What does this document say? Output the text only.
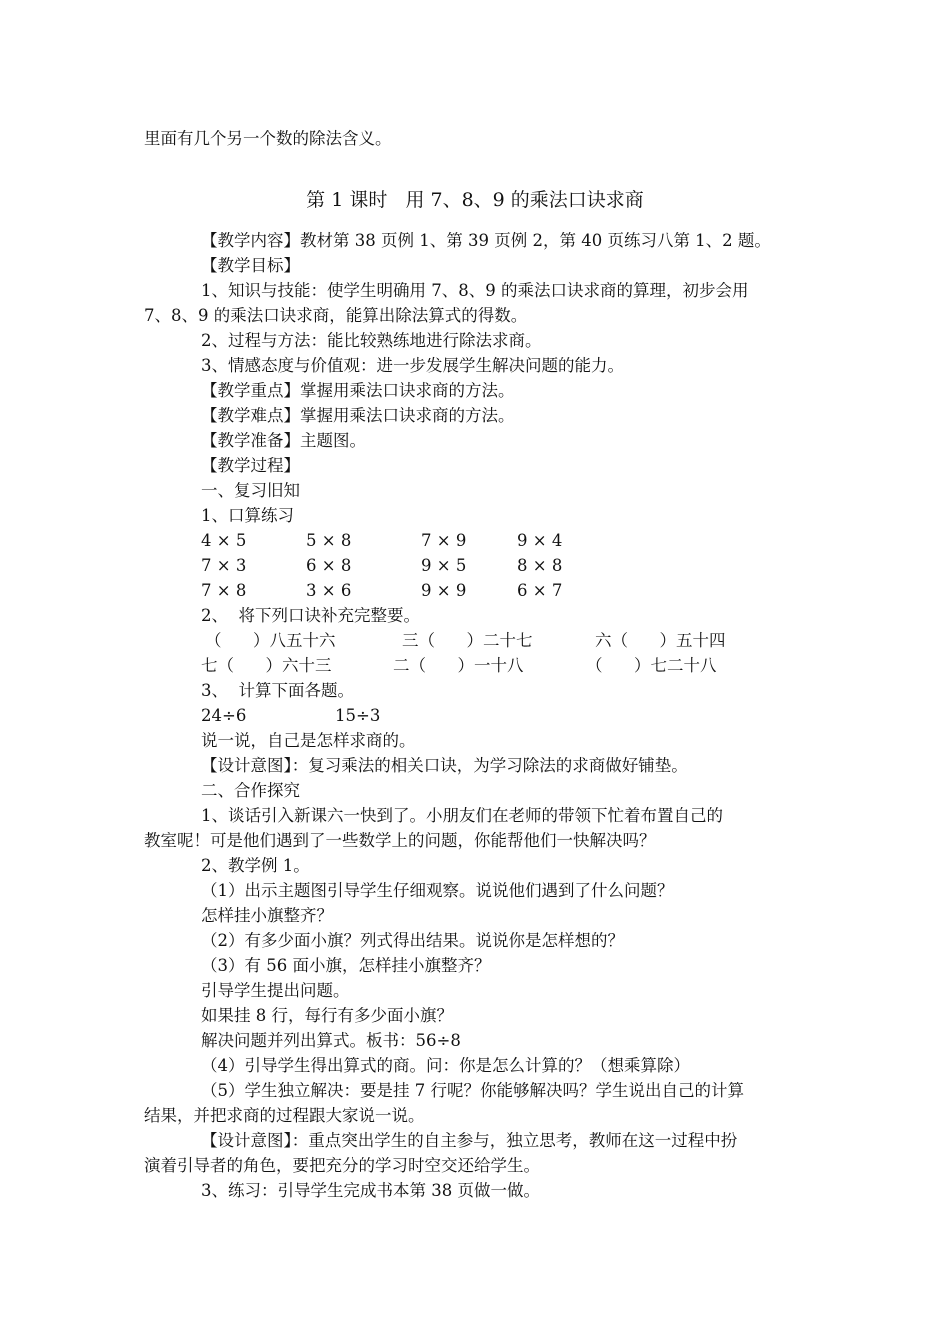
里面有几个另一个数的除法含义。
第 1 课时   用 7、8、9 的乘法口诀求商
【教学内容】教材第 38 页例 1、第 39 页例 2，第 40 页练习八第 1、2 题。
【教学目标】
1、知识与技能：使学生明确用 7、8、9 的乘法口诀求商的算理，初步会用
7、8、9 的乘法口诀求商，能算出除法算式的得数。
2、过程与方法：能比较熟练地进行除法求商。
3、情感态度与价值观：进一步发展学生解决问题的能力。
【教学重点】掌握用乘法口诀求商的方法。
【教学难点】掌握用乘法口诀求商的方法。
【教学准备】主题图。
【教学过程】
一、复习旧知
1、口算练习
4 × 5	5 × 8	7 × 9	9 × 4
7 × 3	6 × 8	9 × 5	8 × 8
7 × 8	3 × 6	9 × 9	6 × 7
2、  将下列口诀补充完整要。
（      ）八五十六	三（      ）二十七	六（      ）五十四
七（      ）六十三	二（      ）一十八	（      ）七二十八
3、  计算下面各题。
24÷6	15÷3
说一说，自己是怎样求商的。
【设计意图】：复习乘法的相关口诀，为学习除法的求商做好铺垫。
二、合作探究
1、谈话引入新课六一快到了。小朋友们在老师的带领下忙着布置自己的
教室呢！可是他们遇到了一些数学上的问题，你能帮他们一快解决吗？
2、教学例 1。
（1）出示主题图引导学生仔细观察。说说他们遇到了什么问题？
怎样挂小旗整齐？
（2）有多少面小旗？列式得出结果。说说你是怎样想的？
（3）有 56 面小旗，怎样挂小旗整齐？
引导学生提出问题。
如果挂 8 行，每行有多少面小旗？
解决问题并列出算式。板书：56÷8
（4）引导学生得出算式的商。问：你是怎么计算的？（想乘算除）
（5）学生独立解决：要是挂 7 行呢？你能够解决吗？学生说出自己的计算
结果，并把求商的过程跟大家说一说。
【设计意图】：重点突出学生的自主参与，独立思考，教师在这一过程中扮
演着引导者的角色，要把充分的学习时空交还给学生。
3、练习：引导学生完成书本第 38 页做一做。
